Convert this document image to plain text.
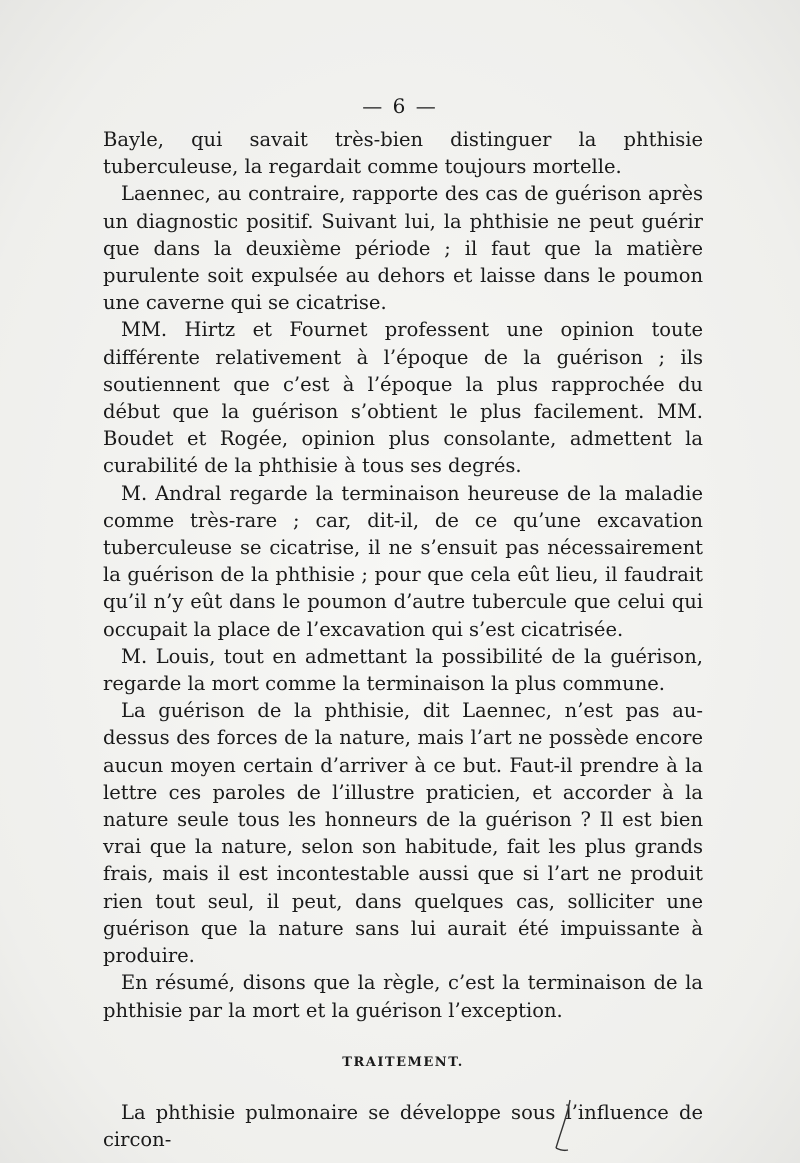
— 6 —

Bayle, qui savait très-bien distinguer la phthisie tuberculeuse, la regardait comme toujours mortelle.

Laennec, au contraire, rapporte des cas de guérison après un diagnostic positif. Suivant lui, la phthisie ne peut guérir que dans la deuxième période ; il faut que la matière purulente soit expulsée au dehors et laisse dans le poumon une caverne qui se cicatrise.

MM. Hirtz et Fournet professent une opinion toute différente relativement à l’époque de la guérison ; ils soutiennent que c’est à l’époque la plus rapprochée du début que la guérison s’obtient le plus facilement. MM. Boudet et Rogée, opinion plus consolante, admettent la curabilité de la phthisie à tous ses degrés.

M. Andral regarde la terminaison heureuse de la maladie comme très-rare ; car, dit-il, de ce qu’une excavation tuberculeuse se cicatrise, il ne s’ensuit pas nécessairement la guérison de la phthisie ; pour que cela eût lieu, il faudrait qu’il n’y eût dans le poumon d’autre tubercule que celui qui occupait la place de l’excavation qui s’est cicatrisée.

M. Louis, tout en admettant la possibilité de la guérison, regarde la mort comme la terminaison la plus commune.

La guérison de la phthisie, dit Laennec, n’est pas au-dessus des forces de la nature, mais l’art ne possède encore aucun moyen certain d’arriver à ce but. Faut-il prendre à la lettre ces paroles de l’illustre praticien, et accorder à la nature seule tous les honneurs de la guérison ? Il est bien vrai que la nature, selon son habitude, fait les plus grands frais, mais il est incontestable aussi que si l’art ne produit rien tout seul, il peut, dans quelques cas, solliciter une guérison que la nature sans lui aurait été impuissante à produire.

En résumé, disons que la règle, c’est la terminaison de la phthisie par la mort et la guérison l’exception.

TRAITEMENT.

La phthisie pulmonaire se développe sous l’influence de circon-
